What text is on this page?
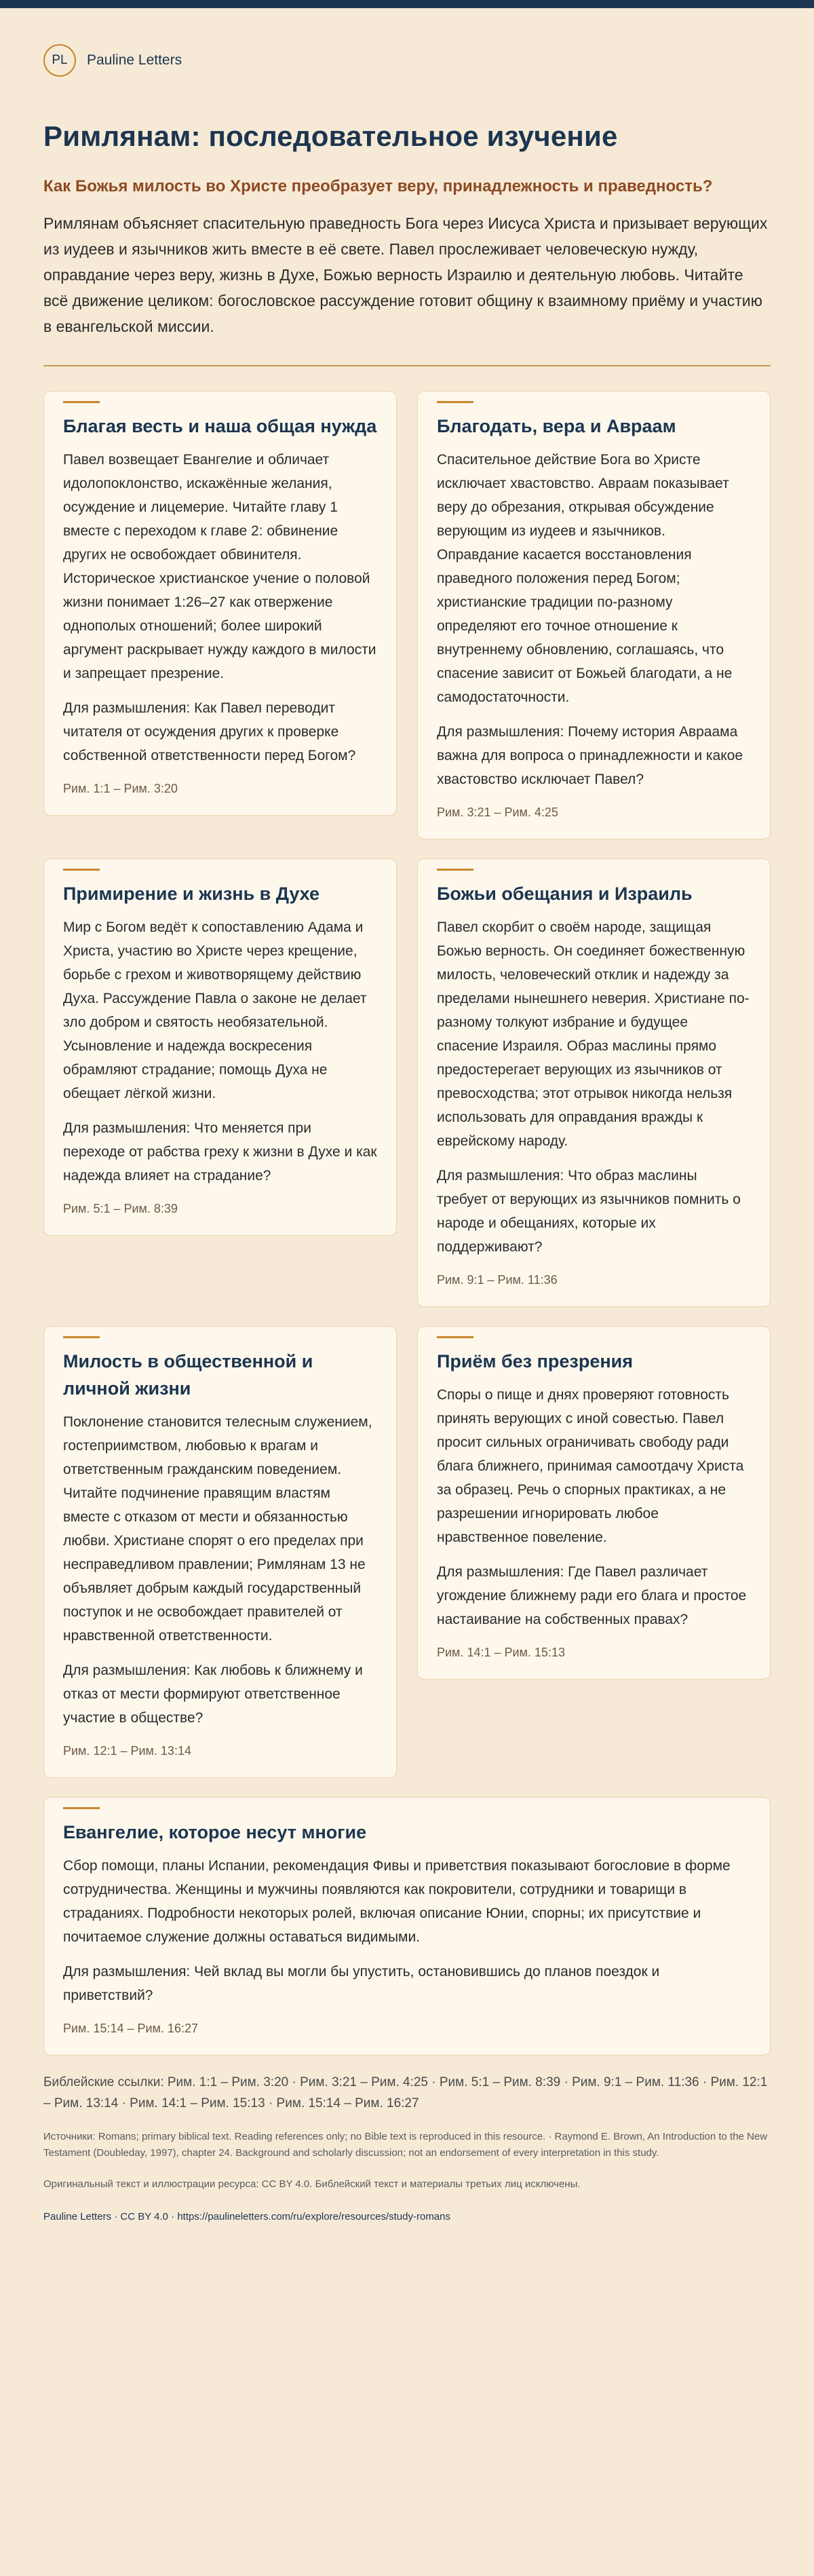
PL Pauline Letters
Римлянам: последовательное изучение
Как Божья милость во Христе преобразует веру, принадлежность и праведность?
Римлянам объясняет спасительную праведность Бога через Иисуса Христа и призывает верующих из иудеев и язычников жить вместе в её свете. Павел прослеживает человеческую нужду, оправдание через веру, жизнь в Духе, Божью верность Израилю и деятельную любовь. Читайте всё движение целиком: богословское рассуждение готовит общину к взаимному приёму и участию в евангельской миссии.
Благая весть и наша общая нужда
Павел возвещает Евангелие и обличает идолопоклонство, искажённые желания, осуждение и лицемерие. Читайте главу 1 вместе с переходом к главе 2: обвинение других не освобождает обвинителя. Историческое христианское учение о половой жизни понимает 1:26–27 как отвержение однополых отношений; более широкий аргумент раскрывает нужду каждого в милости и запрещает презрение.
Для размышления: Как Павел переводит читателя от осуждения других к проверке собственной ответственности перед Богом?
Рим. 1:1 – Рим. 3:20
Благодать, вера и Авраам
Спасительное действие Бога во Христе исключает хвастовство. Авраам показывает веру до обрезания, открывая обсуждение верующим из иудеев и язычников. Оправдание касается восстановления праведного положения перед Богом; христианские традиции по-разному определяют его точное отношение к внутреннему обновлению, соглашаясь, что спасение зависит от Божьей благодати, а не самодостаточности.
Для размышления: Почему история Авраама важна для вопроса о принадлежности и какое хвастовство исключает Павел?
Рим. 3:21 – Рим. 4:25
Примирение и жизнь в Духе
Мир с Богом ведёт к сопоставлению Адама и Христа, участию во Христе через крещение, борьбе с грехом и животворящему действию Духа. Рассуждение Павла о законе не делает зло добром и святость необязательной. Усыновление и надежда воскресения обрамляют страдание; помощь Духа не обещает лёгкой жизни.
Для размышления: Что меняется при переходе от рабства греху к жизни в Духе и как надежда влияет на страдание?
Рим. 5:1 – Рим. 8:39
Божьи обещания и Израиль
Павел скорбит о своём народе, защищая Божью верность. Он соединяет божественную милость, человеческий отклик и надежду за пределами нынешнего неверия. Христиане по-разному толкуют избрание и будущее спасение Израиля. Образ маслины прямо предостерегает верующих из язычников от превосходства; этот отрывок никогда нельзя использовать для оправдания вражды к еврейскому народу.
Для размышления: Что образ маслины требует от верующих из язычников помнить о народе и обещаниях, которые их поддерживают?
Рим. 9:1 – Рим. 11:36
Милость в общественной и личной жизни
Поклонение становится телесным служением, гостеприимством, любовью к врагам и ответственным гражданским поведением. Читайте подчинение правящим властям вместе с отказом от мести и обязанностью любви. Христиане спорят о его пределах при несправедливом правлении; Римлянам 13 не объявляет добрым каждый государственный поступок и не освобождает правителей от нравственной ответственности.
Для размышления: Как любовь к ближнему и отказ от мести формируют ответственное участие в обществе?
Рим. 12:1 – Рим. 13:14
Приём без презрения
Споры о пище и днях проверяют готовность принять верующих с иной совестью. Павел просит сильных ограничивать свободу ради блага ближнего, принимая самоотдачу Христа за образец. Речь о спорных практиках, а не разрешении игнорировать любое нравственное повеление.
Для размышления: Где Павел различает угождение ближнему ради его блага и простое настаивание на собственных правах?
Рим. 14:1 – Рим. 15:13
Евангелие, которое несут многие
Сбор помощи, планы Испании, рекомендация Фивы и приветствия показывают богословие в форме сотрудничества. Женщины и мужчины появляются как покровители, сотрудники и товарищи в страданиях. Подробности некоторых ролей, включая описание Юнии, спорны; их присутствие и почитаемое служение должны оставаться видимыми.
Для размышления: Чей вклад вы могли бы упустить, остановившись до планов поездок и приветствий?
Рим. 15:14 – Рим. 16:27
Библейские ссылки: Рим. 1:1 – Рим. 3:20 · Рим. 3:21 – Рим. 4:25 · Рим. 5:1 – Рим. 8:39 · Рим. 9:1 – Рим. 11:36 · Рим. 12:1 – Рим. 13:14 · Рим. 14:1 – Рим. 15:13 · Рим. 15:14 – Рим. 16:27
Источники: Romans; primary biblical text. Reading references only; no Bible text is reproduced in this resource. · Raymond E. Brown, An Introduction to the New Testament (Doubleday, 1997), chapter 24. Background and scholarly discussion; not an endorsement of every interpretation in this study.
Оригинальный текст и иллюстрации ресурса: CC BY 4.0. Библейский текст и материалы третьих лиц исключены.
Pauline Letters · CC BY 4.0 · https://paulineletters.com/ru/explore/resources/study-romans
